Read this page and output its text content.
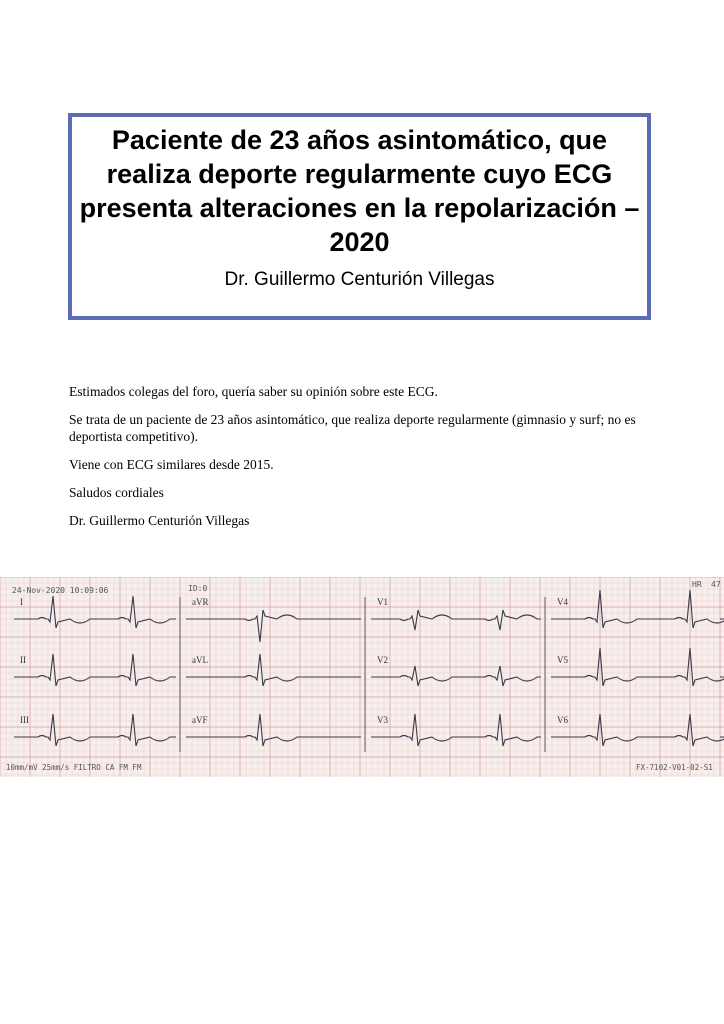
Paciente de 23 años asintomático, que realiza deporte regularmente cuyo ECG presenta alteraciones en la repolarización – 2020
Dr. Guillermo Centurión Villegas

Estimados colegas del foro, quería saber su opinión sobre este ECG.

Se trata de un paciente de 23 años asintomático, que realiza deporte regularmente (gimnasio y surf; no es deportista competitivo).

Viene con ECG similares desde 2015.

Saludos cordiales

Dr. Guillermo Centurión Villegas

I
II
III
aVR
aVL
aVF
V1
V2
V3
V4
V5
V6
24-Nov-2020 10:09:06	ID:0	HR 47
10mm/mV 25mm/s FILTRO CA FM FM	FX-7102-V01-02-S1
